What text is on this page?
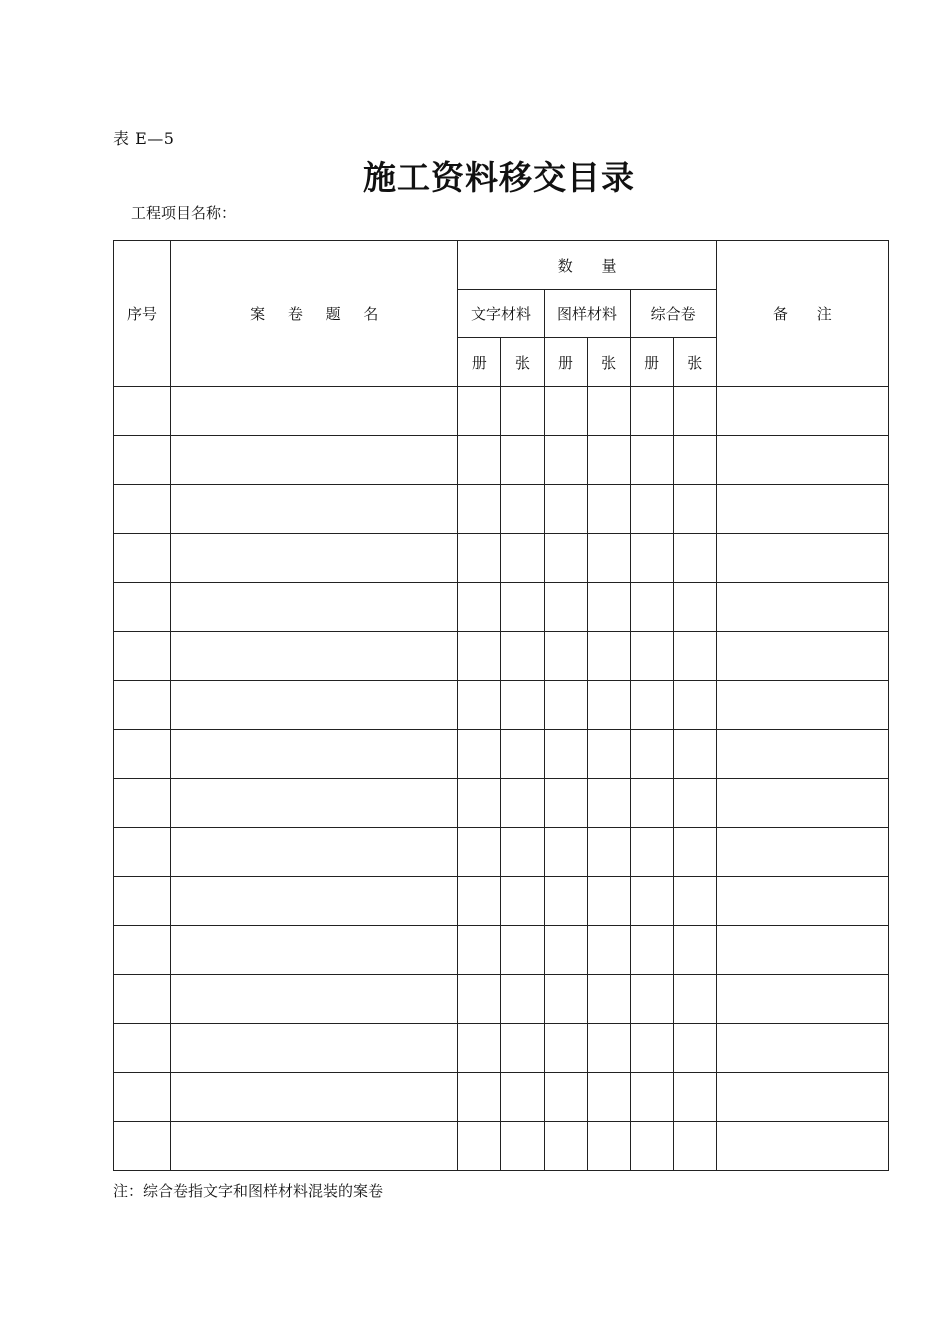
表 E—5
施工资料移交目录
工程项目名称：
序号	案 卷 题 名	数 量						备 注
		文字材料		图样材料		综合卷		
		册	张	册	张	册	张	

注：综合卷指文字和图样材料混装的案卷
